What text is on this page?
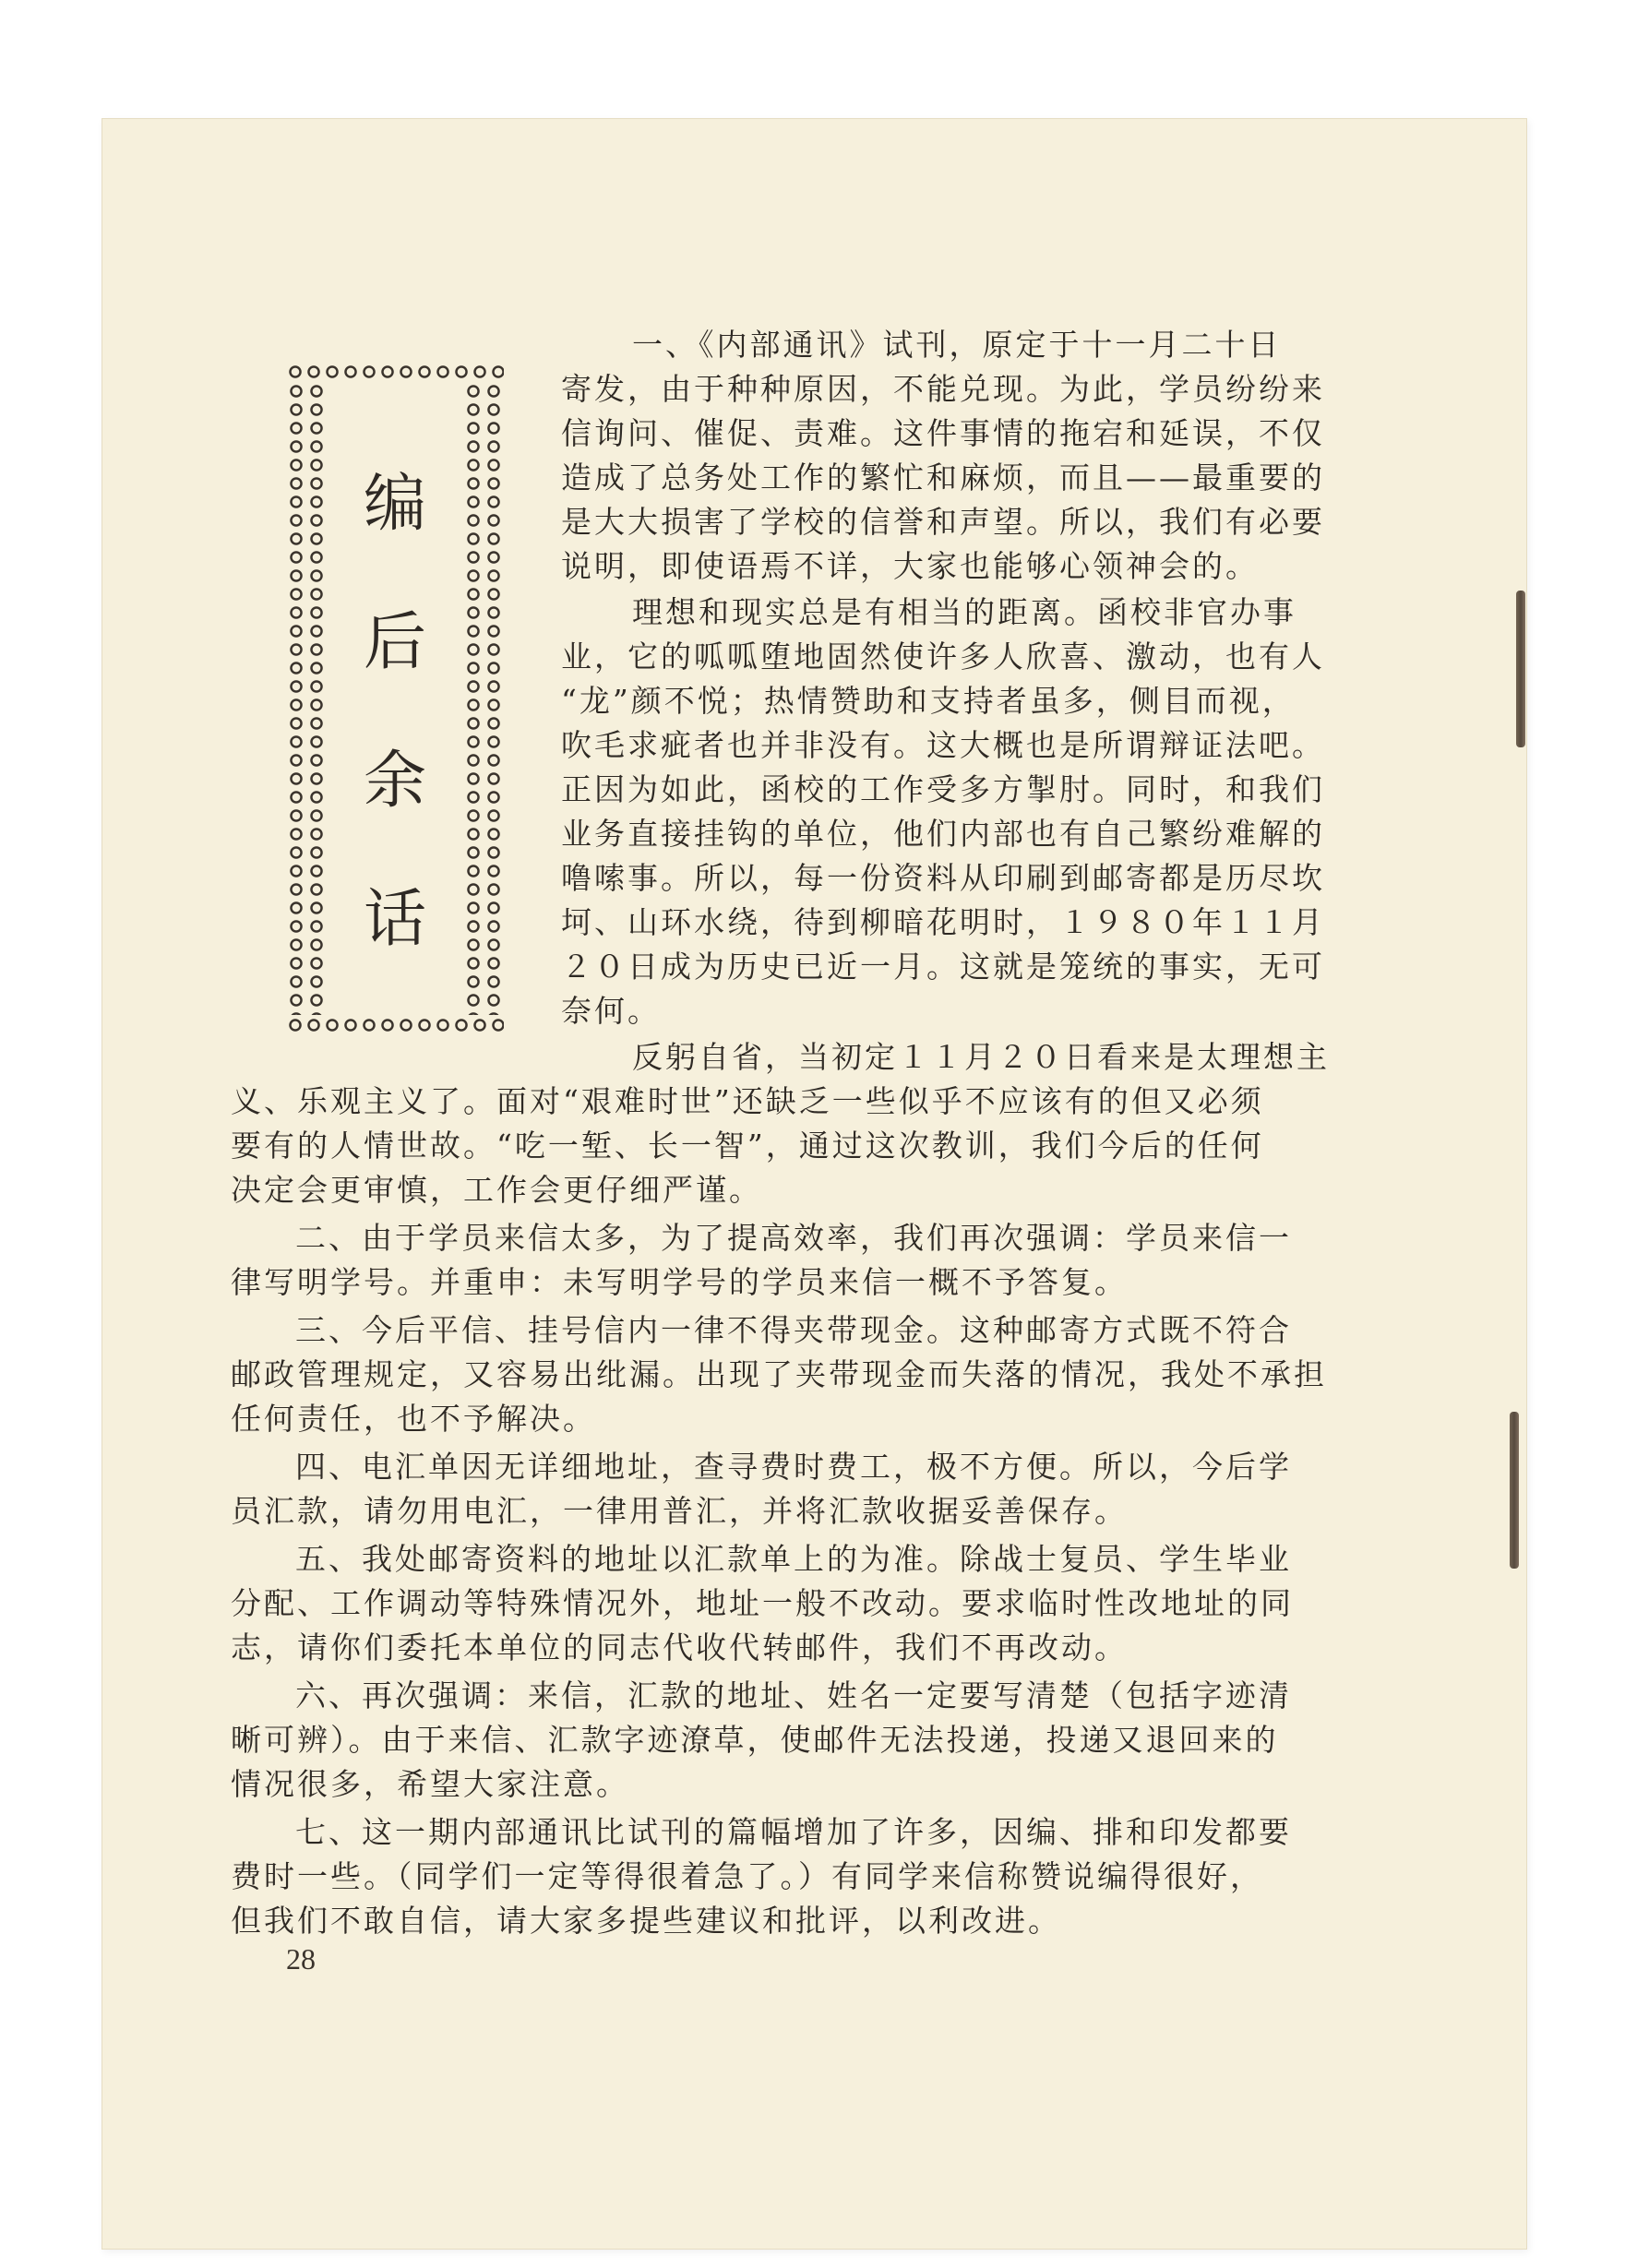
编
后
余
话
一、《内部通讯》试刊，原定于十一月二十日
寄发，由于种种原因，不能兑现。为此，学员纷纷来
信询问、催促、责难。这件事情的拖宕和延误，不仅
造成了总务处工作的繁忙和麻烦，而且——最重要的
是大大损害了学校的信誉和声望。所以，我们有必要
说明，即使语焉不详，大家也能够心领神会的。
理想和现实总是有相当的距离。函校非官办事
业，它的呱呱堕地固然使许多人欣喜、激动，也有人
“龙”颜不悦；热情赞助和支持者虽多，侧目而视，
吹毛求疵者也并非没有。这大概也是所谓辩证法吧。
正因为如此，函校的工作受多方掣肘。同时，和我们
业务直接挂钩的单位，他们内部也有自己繁纷难解的
噜嗦事。所以，每一份资料从印刷到邮寄都是历尽坎
坷、山环水绕，待到柳暗花明时，１９８０年１１月
２０日成为历史已近一月。这就是笼统的事实，无可
奈何。
反躬自省，当初定１１月２０日看来是太理想主
义、乐观主义了。面对“艰难时世”还缺乏一些似乎不应该有的但又必须
要有的人情世故。“吃一堑、长一智”，通过这次教训，我们今后的任何
决定会更审慎，工作会更仔细严谨。
二、由于学员来信太多，为了提高效率，我们再次强调：学员来信一
律写明学号。并重申：未写明学号的学员来信一概不予答复。
三、今后平信、挂号信内一律不得夹带现金。这种邮寄方式既不符合
邮政管理规定，又容易出纰漏。出现了夹带现金而失落的情况，我处不承担
任何责任，也不予解决。
四、电汇单因无详细地址，查寻费时费工，极不方便。所以，今后学
员汇款，请勿用电汇，一律用普汇，并将汇款收据妥善保存。
五、我处邮寄资料的地址以汇款单上的为准。除战士复员、学生毕业
分配、工作调动等特殊情况外，地址一般不改动。要求临时性改地址的同
志，请你们委托本单位的同志代收代转邮件，我们不再改动。
六、再次强调：来信，汇款的地址、姓名一定要写清楚（包括字迹清
晰可辨）。由于来信、汇款字迹潦草，使邮件无法投递，投递又退回来的
情况很多，希望大家注意。
七、这一期内部通讯比试刊的篇幅增加了许多，因编、排和印发都要
费时一些。（同学们一定等得很着急了。）有同学来信称赞说编得很好，
但我们不敢自信，请大家多提些建议和批评，以利改进。
28
